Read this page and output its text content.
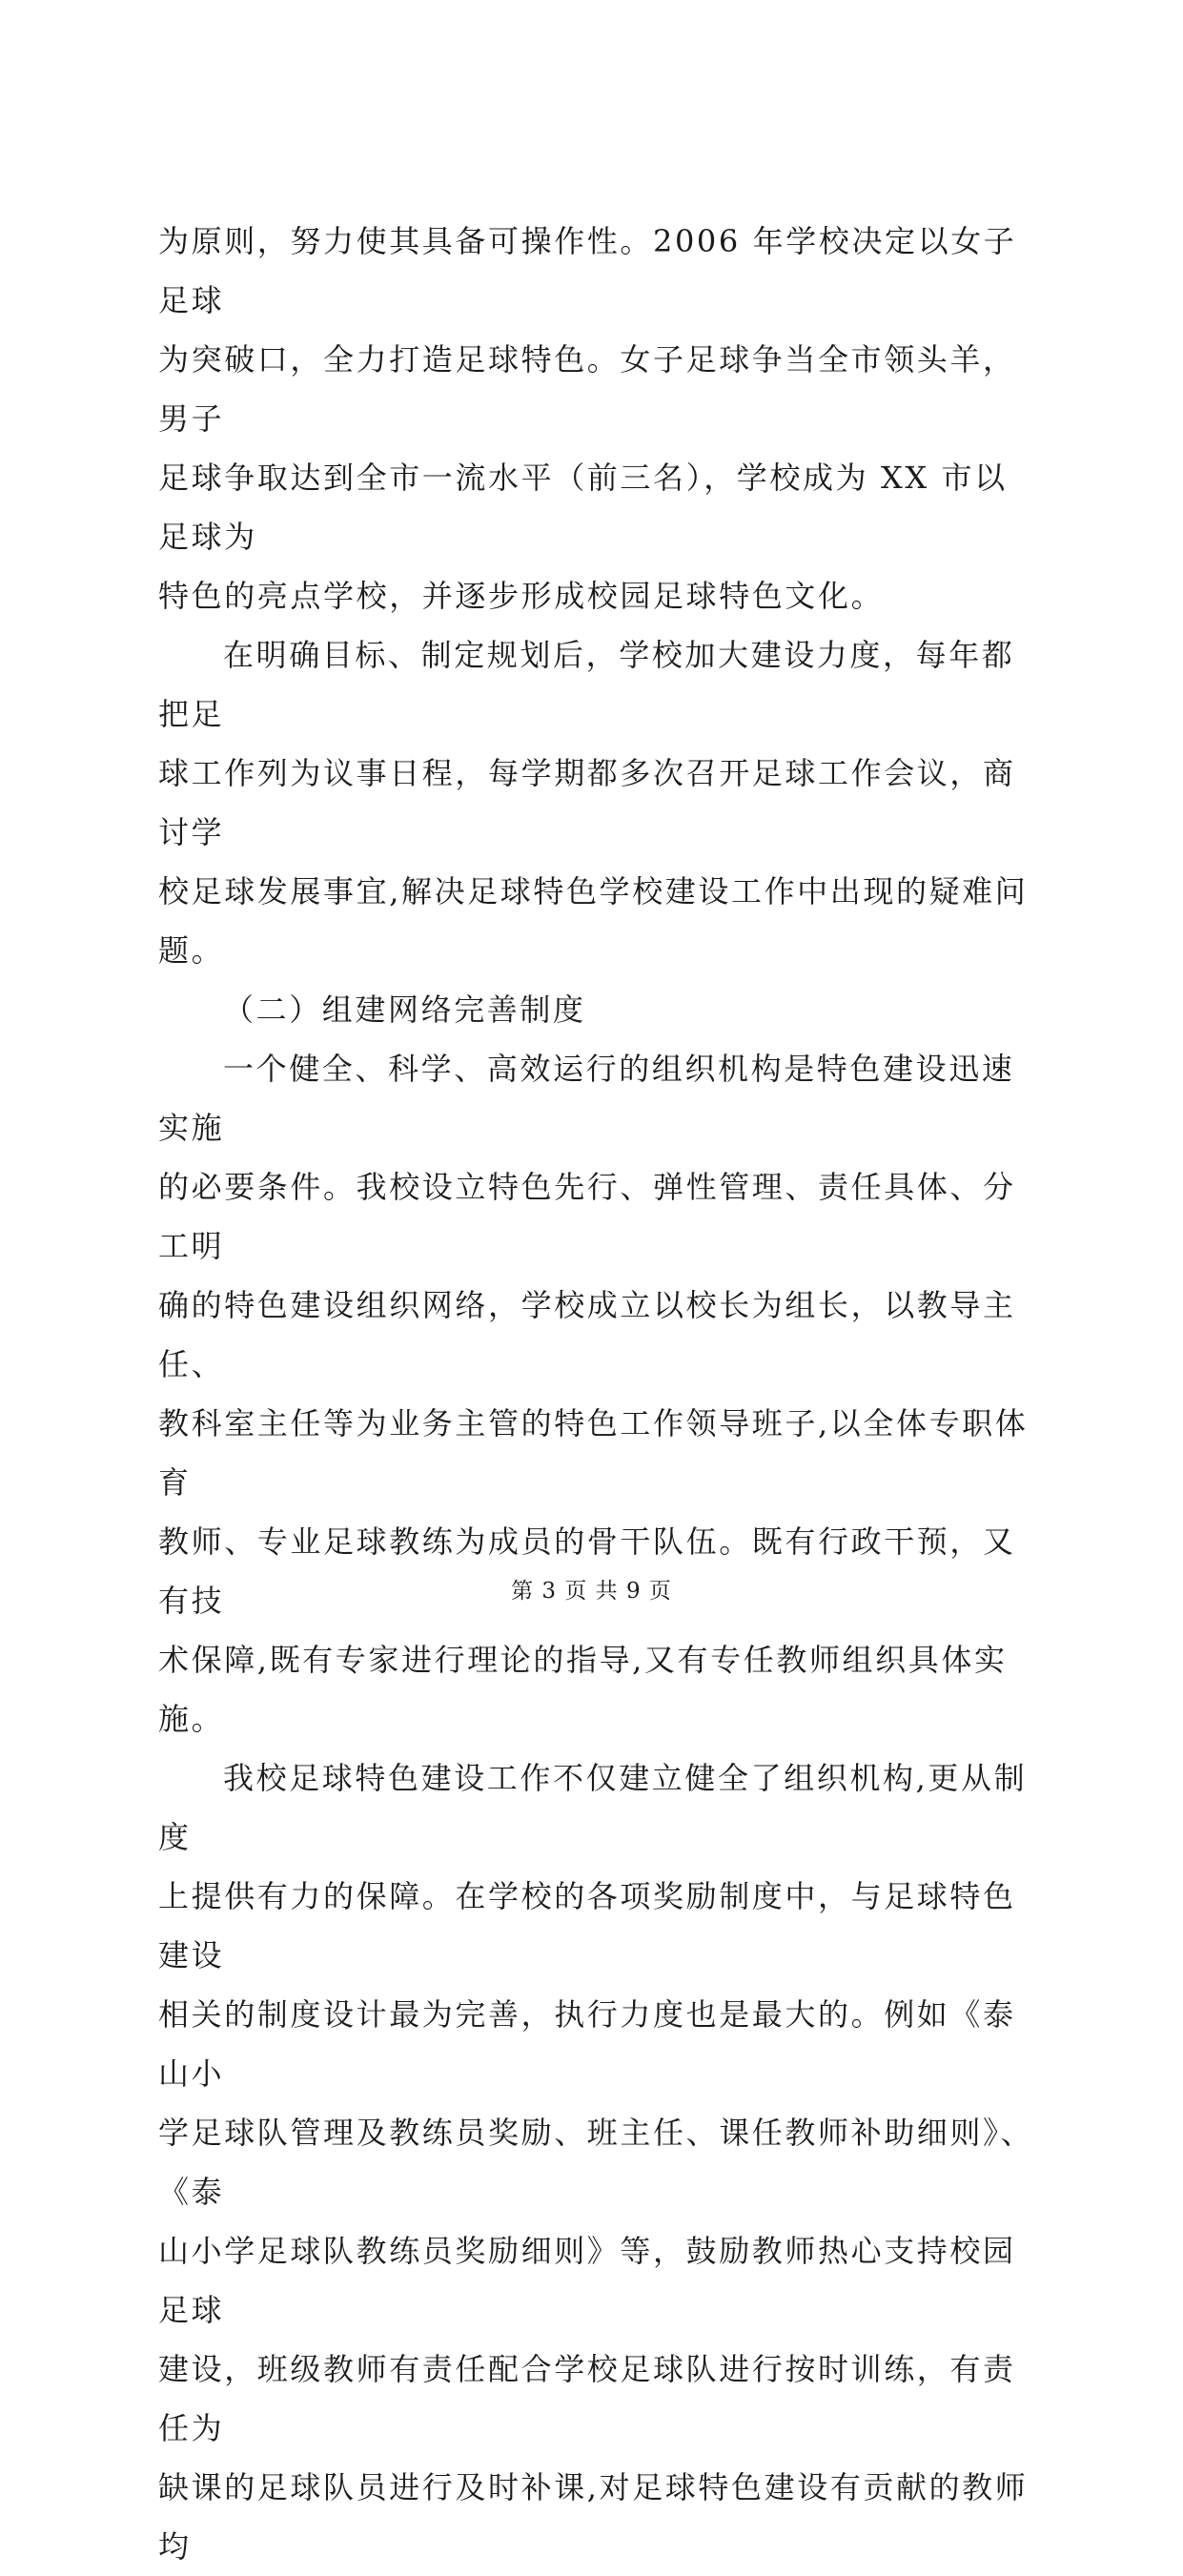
为原则，努力使其具备可操作性。2006 年学校决定以女子足球
为突破口，全力打造足球特色。女子足球争当全市领头羊，男子
足球争取达到全市一流水平（前三名），学校成为 XX 市以足球为
特色的亮点学校，并逐步形成校园足球特色文化。

在明确目标、制定规划后，学校加大建设力度，每年都把足
球工作列为议事日程，每学期都多次召开足球工作会议，商讨学
校足球发展事宜,解决足球特色学校建设工作中出现的疑难问题。

（二）组建网络完善制度

一个健全、科学、高效运行的组织机构是特色建设迅速实施
的必要条件。我校设立特色先行、弹性管理、责任具体、分工明
确的特色建设组织网络，学校成立以校长为组长，以教导主任、
教科室主任等为业务主管的特色工作领导班子,以全体专职体育
教师、专业足球教练为成员的骨干队伍。既有行政干预，又有技
术保障,既有专家进行理论的指导,又有专任教师组织具体实施。

我校足球特色建设工作不仅建立健全了组织机构,更从制度
上提供有力的保障。在学校的各项奖励制度中，与足球特色建设
相关的制度设计最为完善，执行力度也是最大的。例如《泰山小
学足球队管理及教练员奖励、班主任、课任教师补助细则》、《泰
山小学足球队教练员奖励细则》等，鼓励教师热心支持校园足球
建设，班级教师有责任配合学校足球队进行按时训练，有责任为
缺课的足球队员进行及时补课,对足球特色建设有贡献的教师均

第 3 页 共 9 页
